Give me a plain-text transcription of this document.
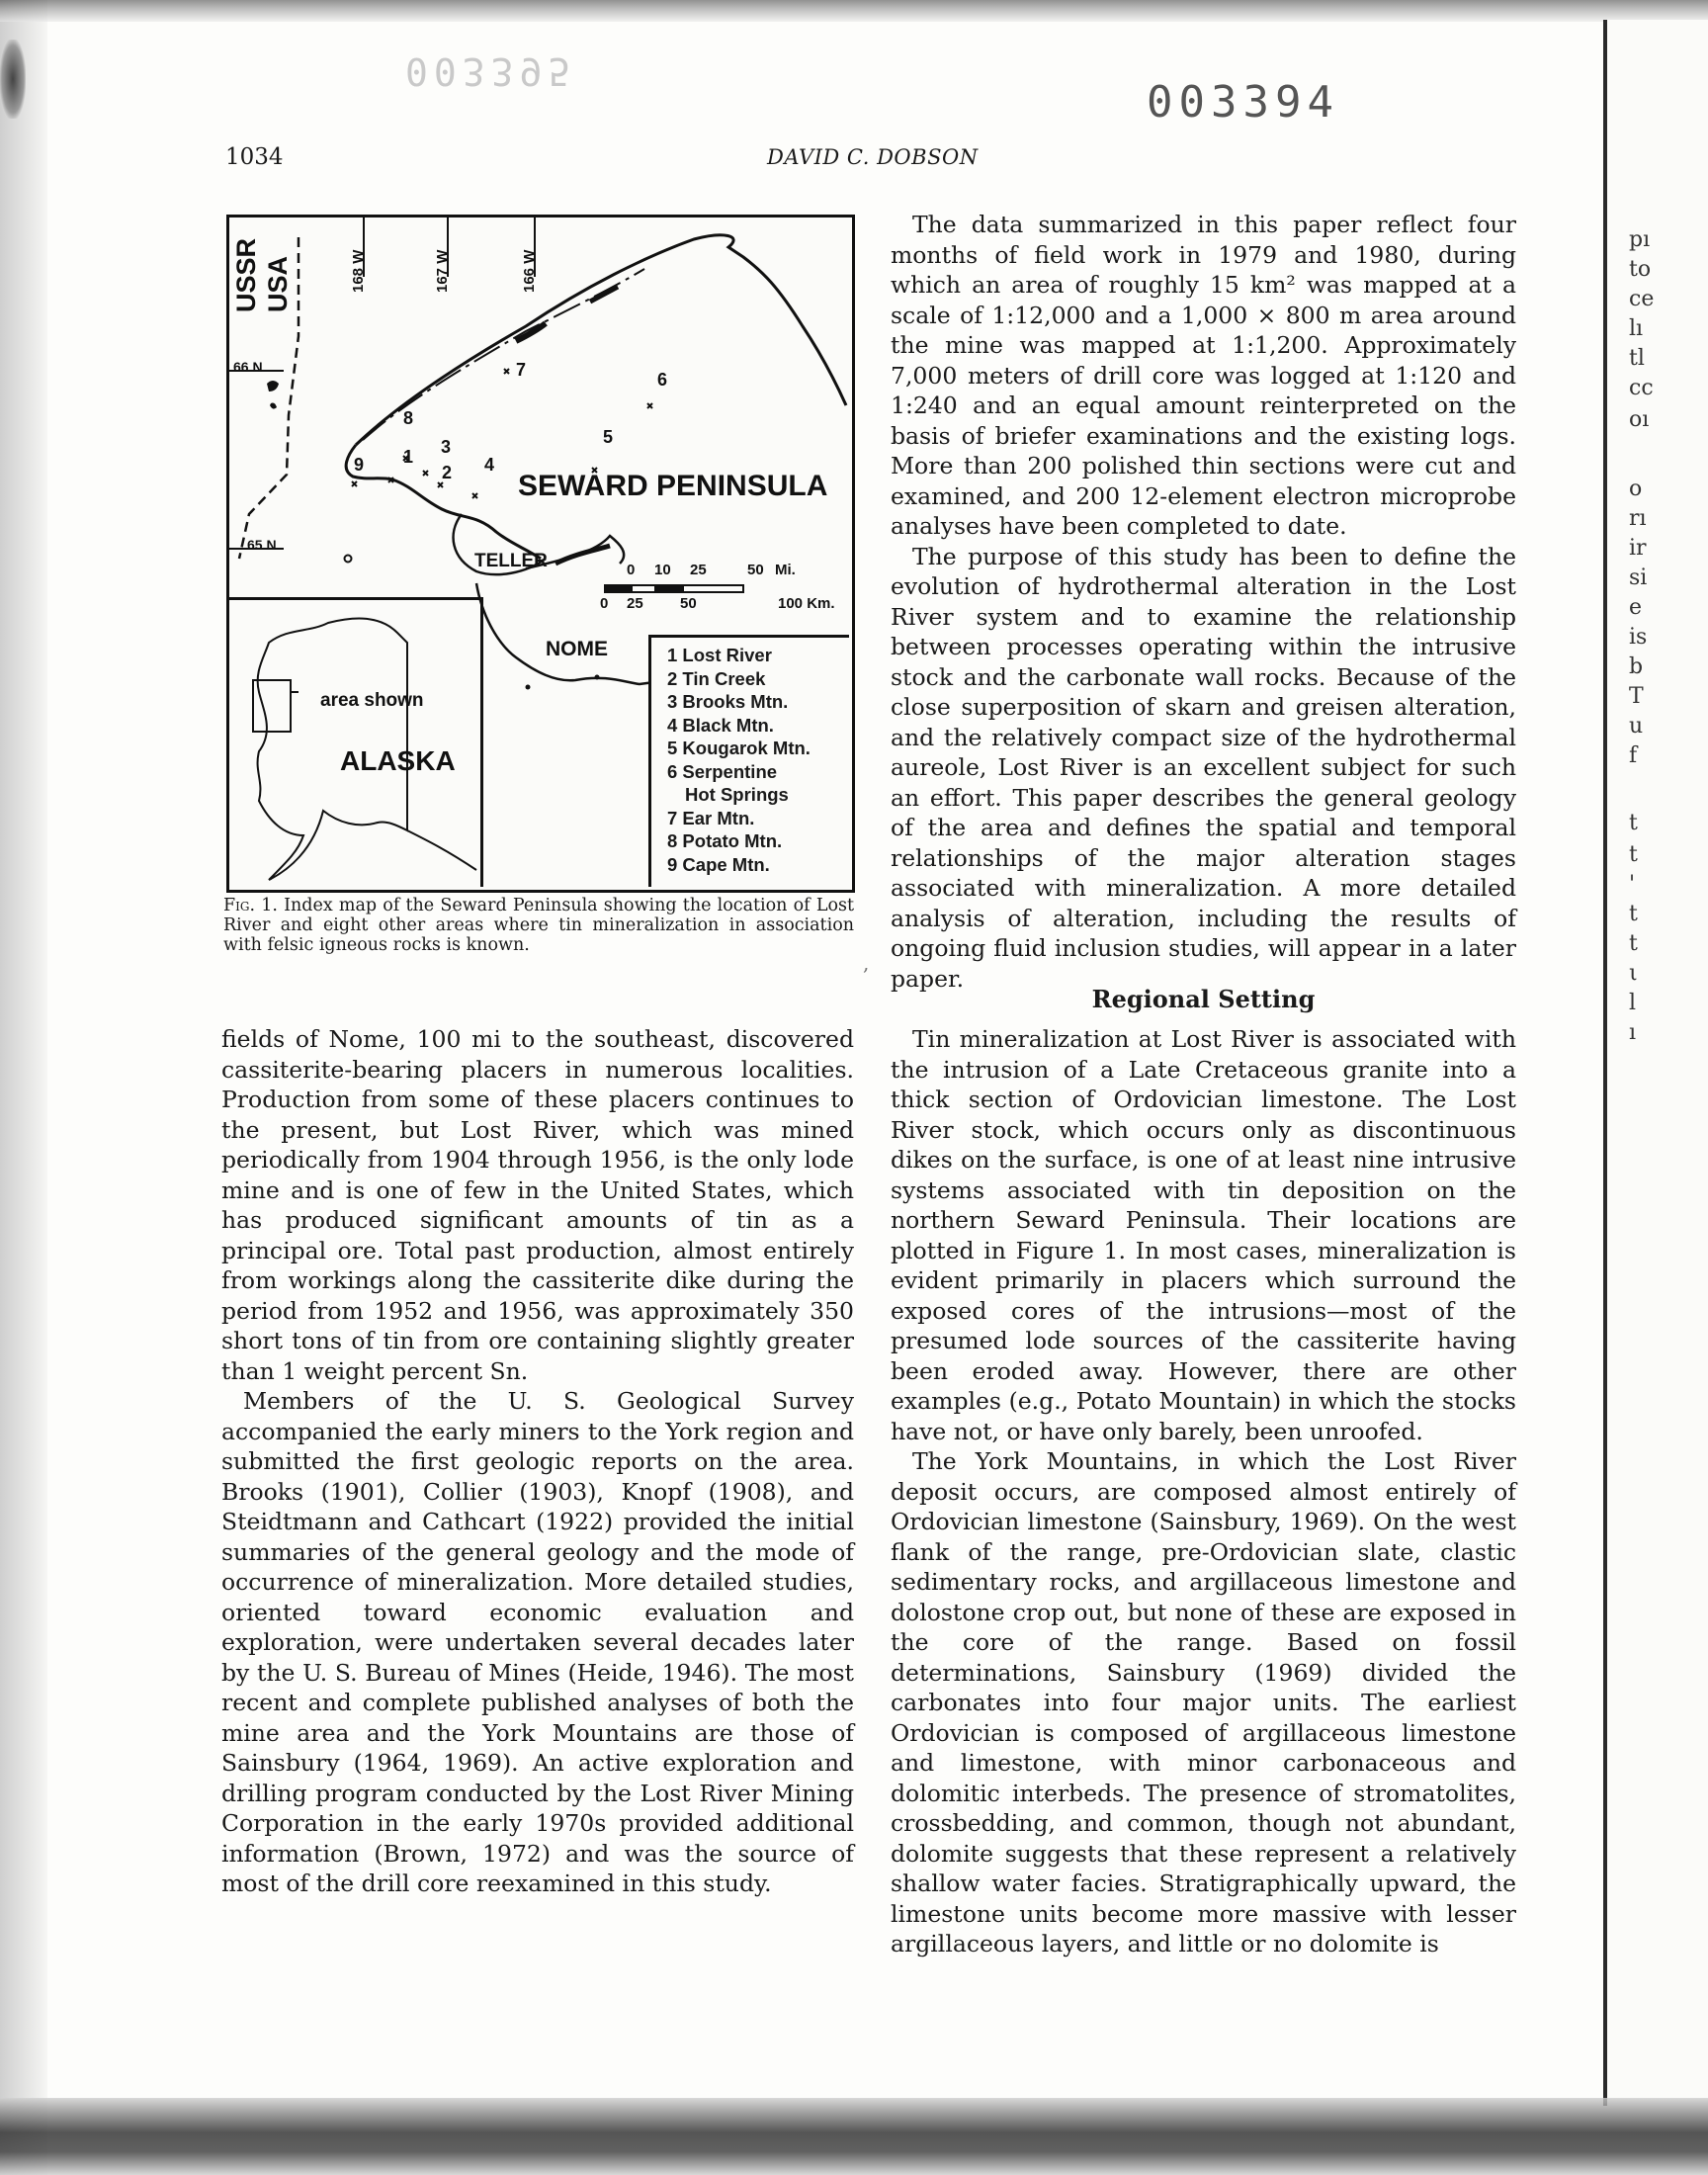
pı
to
ce
lı
tl
cc
oı
o
rı
ir
si
e
is
b
T
u
f
t
t
'
t
t
ι
l
ı
003395
003394
1034	DAVID C. DOBSON
USSR USA	168 W	167 W	166 W
66 N
65 N
SEWARD PENINSULA
TELLER
NOME
0 10 25	50 Mi.
0 25 50	100 Km.
1
2
3
4
5
6
7
8
9
area shown
ALASKA
1 Lost River
2 Tin Creek
3 Brooks Mtn.
4 Black Mtn.
5 Kougarok Mtn.
6 Serpentine
Hot Springs
7 Ear Mtn.
8 Potato Mtn.
9 Cape Mtn.
Fig. 1. Index map of the Seward Peninsula showing the location of Lost River and eight other areas where tin mineralization in association with felsic igneous rocks is known.
,

The data summarized in this paper reflect four months of field work in 1979 and 1980, during which an area of roughly 15 km² was mapped at a scale of 1:12,000 and a 1,000 × 800 m area around the mine was mapped at 1:1,200. Approximately 7,000 meters of drill core was logged at 1:120 and 1:240 and an equal amount reinterpreted on the basis of briefer examinations and the existing logs. More than 200 polished thin sections were cut and examined, and 200 12-element electron microprobe analyses have been completed to date.

The purpose of this study has been to define the evolution of hydrothermal alteration in the Lost River system and to examine the relationship between processes operating within the intrusive stock and the carbonate wall rocks. Because of the close superposition of skarn and greisen alteration, and the relatively compact size of the hydrothermal aureole, Lost River is an excellent subject for such an effort. This paper describes the general geology of the area and defines the spatial and temporal relationships of the major alteration stages associated with mineralization. A more detailed analysis of alteration, including the results of ongoing fluid inclusion studies, will appear in a later paper.

Regional Setting

fields of Nome, 100 mi to the southeast, discovered cassiterite-bearing placers in numerous localities. Production from some of these placers continues to the present, but Lost River, which was mined periodically from 1904 through 1956, is the only lode mine and is one of few in the United States, which has produced significant amounts of tin as a principal ore. Total past production, almost entirely from workings along the cassiterite dike during the period from 1952 and 1956, was approximately 350 short tons of tin from ore containing slightly greater than 1 weight percent Sn.

Members of the U. S. Geological Survey accompanied the early miners to the York region and submitted the first geologic reports on the area. Brooks (1901), Collier (1903), Knopf (1908), and Steidtmann and Cathcart (1922) provided the initial summaries of the general geology and the mode of occurrence of mineralization. More detailed studies, oriented toward economic evaluation and exploration, were undertaken several decades later by the U. S. Bureau of Mines (Heide, 1946). The most recent and complete published analyses of both the mine area and the York Mountains are those of Sainsbury (1964, 1969). An active exploration and drilling program conducted by the Lost River Mining Corporation in the early 1970s provided additional information (Brown, 1972) and was the source of most of the drill core reexamined in this study.

Tin mineralization at Lost River is associated with the intrusion of a Late Cretaceous granite into a thick section of Ordovician limestone. The Lost River stock, which occurs only as discontinuous dikes on the surface, is one of at least nine intrusive systems associated with tin deposition on the northern Seward Peninsula. Their locations are plotted in Figure 1. In most cases, mineralization is evident primarily in placers which surround the exposed cores of the intrusions—most of the presumed lode sources of the cassiterite having been eroded away. However, there are other examples (e.g., Potato Mountain) in which the stocks have not, or have only barely, been unroofed.

The York Mountains, in which the Lost River deposit occurs, are composed almost entirely of Ordovician limestone (Sainsbury, 1969). On the west flank of the range, pre-Ordovician slate, clastic sedimentary rocks, and argillaceous limestone and dolostone crop out, but none of these are exposed in the core of the range. Based on fossil determinations, Sainsbury (1969) divided the carbonates into four major units. The earliest Ordovician is composed of argillaceous limestone and limestone, with minor carbonaceous and dolomitic interbeds. The presence of stromatolites, crossbedding, and common, though not abundant, dolomite suggests that these represent a relatively shallow water facies. Stratigraphically upward, the limestone units become more massive with lesser argillaceous layers, and little or no dolomite is
